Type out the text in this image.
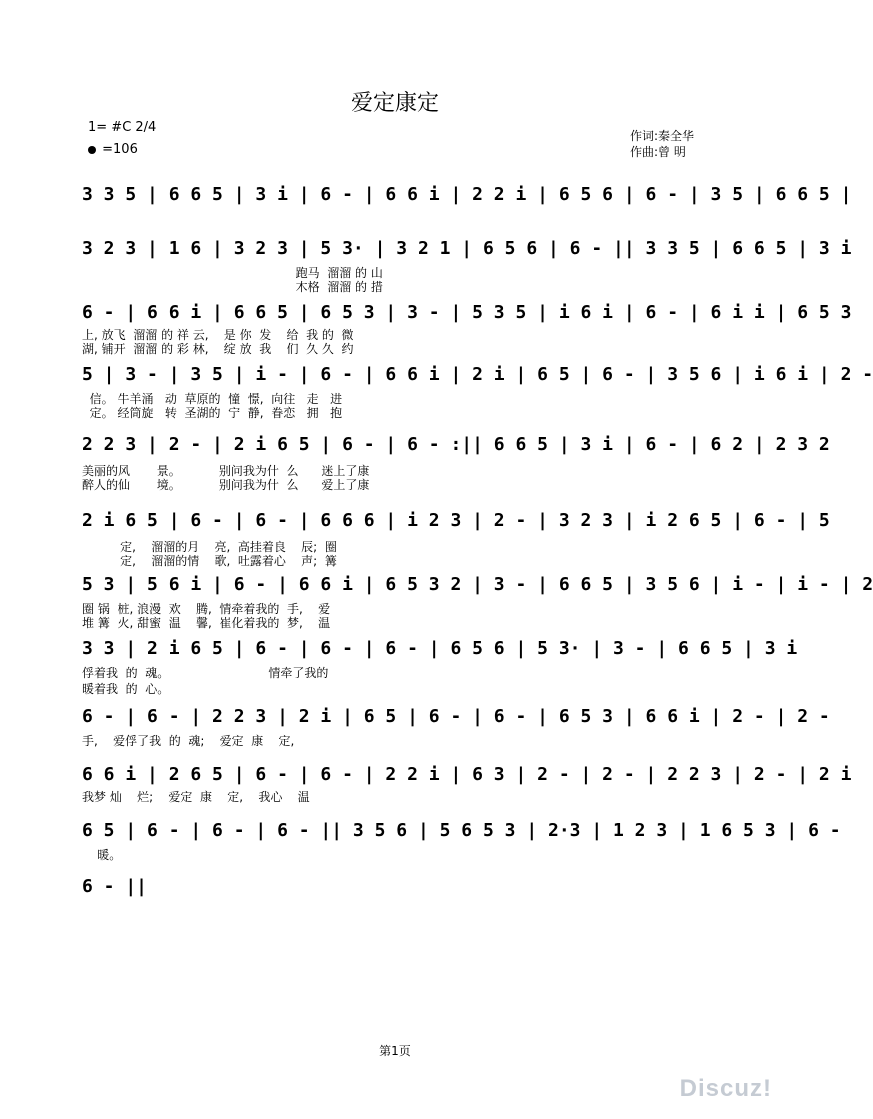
爱定康定
1= #C 2/4
=106
作词:秦全华
作曲:曾 明
3 3 5 | 6 6 5 | 3 i | 6 - | 6 6 i | 2 2 i | 6 5 6 | 6 - | 3 5 | 6 6 5 |
3 2 3 | 1 6 | 3 2 3 | 5 3· | 3 2 1 | 6 5 6 | 6 - || 3 3 5 | 6 6 5 | 3 i
跑马  溜溜 的 山
木格  溜溜 的 措
6 - | 6 6 i | 6 6 5 | 6 5 3 | 3 - | 5 3 5 | i 6 i | 6 - | 6 i i | 6 5 3
上, 放飞  溜溜 的 祥 云,    是 你  发    给  我 的  微
湖, 铺开  溜溜 的 彩 林,    绽 放  我    们  久 久  约
5 | 3 - | 3 5 | i - | 6 - | 6 6 i | 2 i | 6 5 | 6 - | 3 5 6 | i 6 i | 2 -
信。 牛羊涌   动  草原的  憧  憬,  向往   走   进
定。 经筒旋   转  圣湖的  宁  静,  眷恋   拥   抱
2 2 3 | 2 - | 2 i 6 5 | 6 - | 6 - :|| 6 6 5 | 3 i | 6 - | 6 2 | 2 3 2
美丽的风       景。          别问我为什  么      迷上了康
醉人的仙       境。          别问我为什  么      爱上了康
2 i 6 5 | 6 - | 6 - | 6 6 6 | i 2 3 | 2 - | 3 2 3 | i 2 6 5 | 6 - | 5
定,    溜溜的月    亮,  高挂着良    辰;  圈
定,    溜溜的情    歌,  吐露着心    声;  篝
5 3 | 5 6 i | 6 - | 6 6 i | 6 5 3 2 | 3 - | 6 6 5 | 3 5 6 | i - | i - | 2
圈 锅  桩, 浪漫  欢    腾,  情牵着我的  手,    爱
堆 篝  火, 甜蜜  温    馨,  崔化着我的  梦,    温
3 3 | 2 i 6 5 | 6 - | 6 - | 6 - | 6 5 6 | 5 3· | 3 - | 6 6 5 | 3 i
俘着我  的  魂。                          情牵了我的
暖着我  的  心。
6 - | 6 - | 2 2 3 | 2 i | 6 5 | 6 - | 6 - | 6 5 3 | 6 6 i | 2 - | 2 -
手,    爱俘了我  的  魂;    爱定  康    定,
6 6 i | 2 6 5 | 6 - | 6 - | 2 2 i | 6 3 | 2 - | 2 - | 2 2 3 | 2 - | 2 i
我梦 灿    烂;    爱定  康    定,    我心    温
6 5 | 6 - | 6 - | 6 - || 3 5 6 | 5 6 5 3 | 2·3 | 1 2 3 | 1 6 5 3 | 6 -
暖。
6 - ||
第1页
Discuz!
